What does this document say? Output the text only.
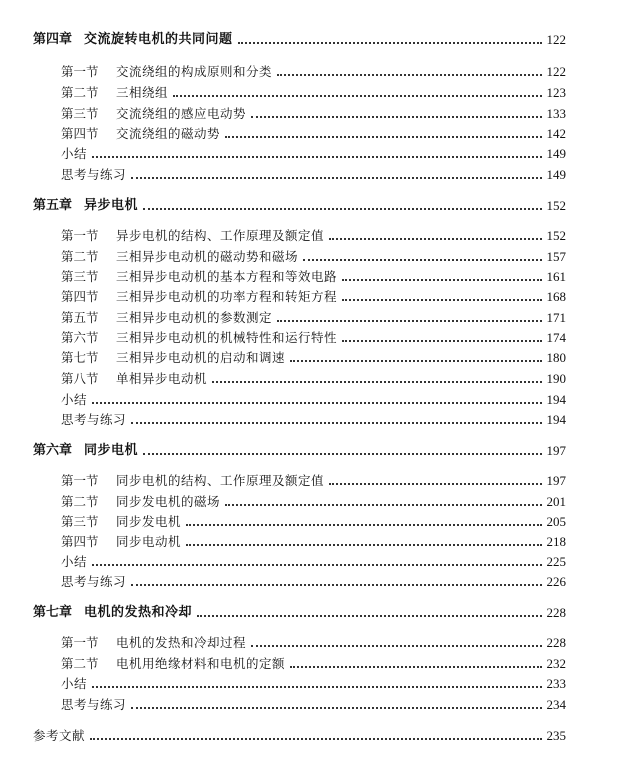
第四章 交流旋转电机的共同问题	122
第一节 交流绕组的构成原则和分类	122
第二节 三相绕组	123
第三节 交流绕组的感应电动势	133
第四节 交流绕组的磁动势	142
小结	149
思考与练习	149
第五章 异步电机	152
第一节 异步电机的结构、工作原理及额定值	152
第二节 三相异步电动机的磁动势和磁场	157
第三节 三相异步电动机的基本方程和等效电路	161
第四节 三相异步电动机的功率方程和转矩方程	168
第五节 三相异步电动机的参数测定	171
第六节 三相异步电动机的机械特性和运行特性	174
第七节 三相异步电动机的启动和调速	180
第八节 单相异步电动机	190
小结	194
思考与练习	194
第六章 同步电机	197
第一节 同步电机的结构、工作原理及额定值	197
第二节 同步发电机的磁场	201
第三节 同步发电机	205
第四节 同步电动机	218
小结	225
思考与练习	226
第七章 电机的发热和冷却	228
第一节 电机的发热和冷却过程	228
第二节 电机用绝缘材料和电机的定额	232
小结	233
思考与练习	234
参考文献	235
